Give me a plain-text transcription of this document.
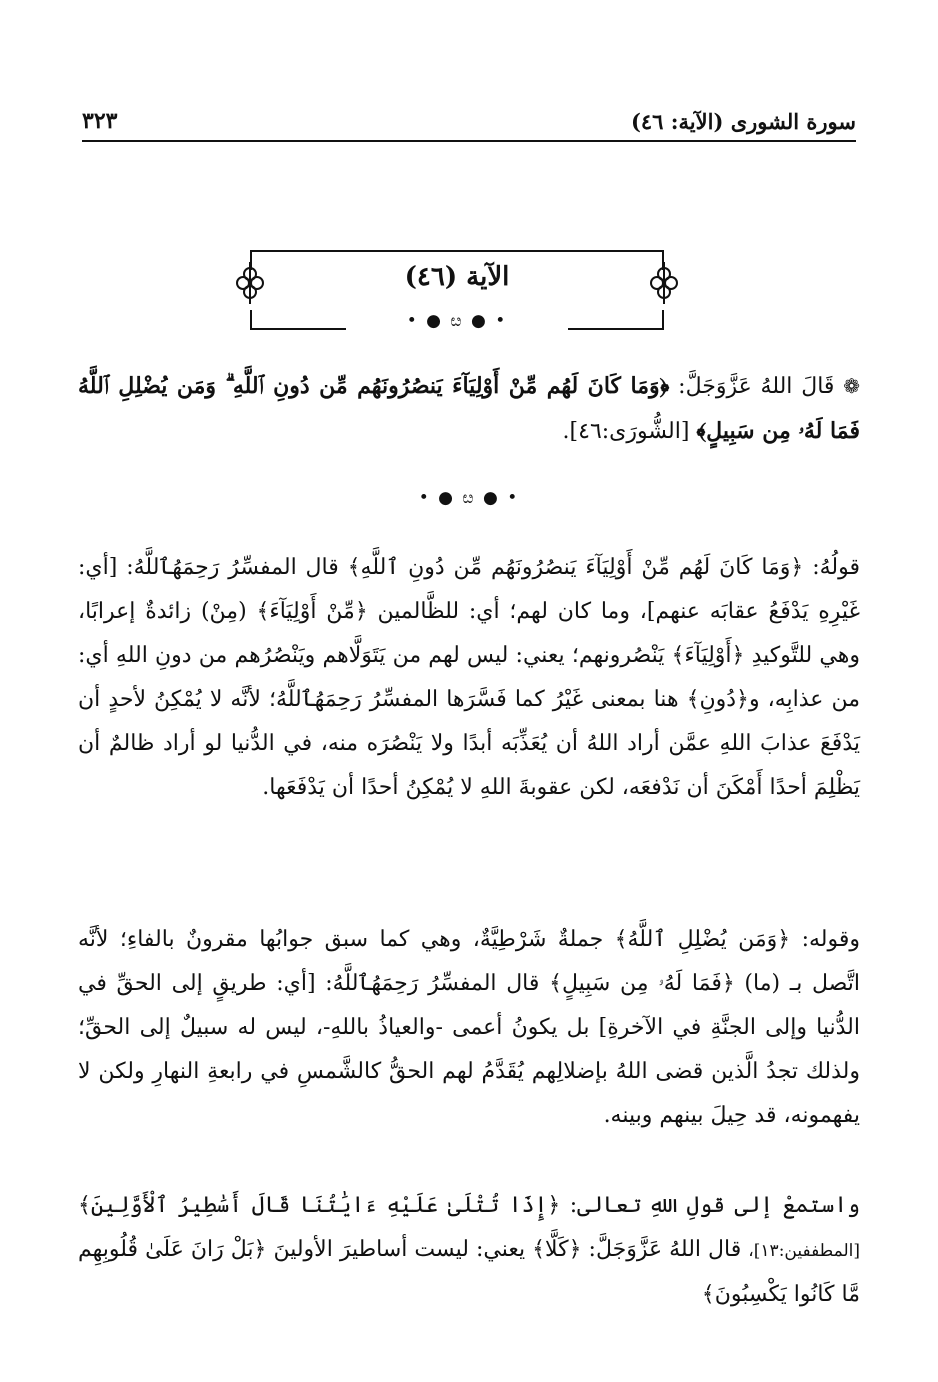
سورة الشورى (الآية: ٤٦)
٣٢٣
الآية (٤٦)
• ● ೞ ● •
❁ قَالَ اللهُ عَزَّوَجَلَّ: ﴿وَمَا كَانَ لَهُم مِّنْ أَوْلِيَآءَ يَنصُرُونَهُم مِّن دُونِ ٱللَّهِ ۗ وَمَن يُضْلِلِ ٱللَّهُ فَمَا لَهُۥ مِن سَبِيلٍ﴾ [الشُّورَى:٤٦].
• ● ೞ ● •
قولُهُ: ﴿وَمَا كَانَ لَهُم مِّنْ أَوْلِيَآءَ يَنصُرُونَهُم مِّن دُونِ ٱللَّهِ﴾ قال المفسِّرُ رَحِمَهُٱللَّهُ: [أي: غَيْرِهِ يَدْفَعُ عقابَه عنهم]، وما كان لهم؛ أي: للظَّالمين ﴿مِّنْ أَوْلِيَآءَ﴾ (مِنْ) زائدةٌ إعرابًا، وهي للتَّوكيدِ ﴿أَوْلِيَآءَ﴾ يَنْصُرونهم؛ يعني: ليس لهم من يَتَوَلَّاهم ويَنْصُرُهم من دونِ اللهِ أي: من عذابِه، و﴿دُونِ﴾ هنا بمعنى غَيْرُ كما فَسَّرَها المفسِّرُ رَحِمَهُٱللَّهُ؛ لأنَّه لا يُمْكِنُ لأحدٍ أن يَدْفَعَ عذابَ اللهِ عمَّن أراد اللهُ أن يُعَذِّبَه أبدًا ولا يَنْصُرَه منه، في الدُّنيا لو أراد ظالمٌ أن يَظْلِمَ أحدًا أَمْكَنَ أن نَدْفعَه، لكن عقوبةَ اللهِ لا يُمْكِنُ أحدًا أن يَدْفَعَها.
وقوله: ﴿وَمَن يُضْلِلِ ٱللَّهُ﴾ جملةٌ شَرْطِيَّةٌ، وهي كما سبق جوابُها مقرونٌ بالفاءِ؛ لأنَّه اتَّصل بـ (ما) ﴿فَمَا لَهُۥ مِن سَبِيلٍ﴾ قال المفسِّرُ رَحِمَهُٱللَّهُ: [أي: طريقٍ إلى الحقِّ في الدُّنيا وإلى الجنَّةِ في الآخرةِ] بل يكونُ أعمى -والعياذُ باللهِ-، ليس له سبيلٌ إلى الحقِّ؛ ولذلك تجدُ الَّذين قضى اللهُ بإضلالِهم يُقَدَّمُ لهم الحقُّ كالشَّمسِ في رابعةِ النهارِ ولكن لا يفهمونه، قد حِيلَ بينهم وبينه.
واستمعْ إلى قولِ اللهِ تعالى: ﴿إِذَا تُتْلَىٰ عَلَيْهِ ءَايَٰتُنَا قَالَ أَسَٰطِيرُ ٱلْأَوَّلِينَ﴾ [المطففين:١٣]، قال اللهُ عَزَّوَجَلَّ: ﴿كَلَّا﴾ يعني: ليست أساطيرَ الأولينَ ﴿بَلْ رَانَ عَلَىٰ قُلُوبِهِم مَّا كَانُوا يَكْسِبُونَ﴾
